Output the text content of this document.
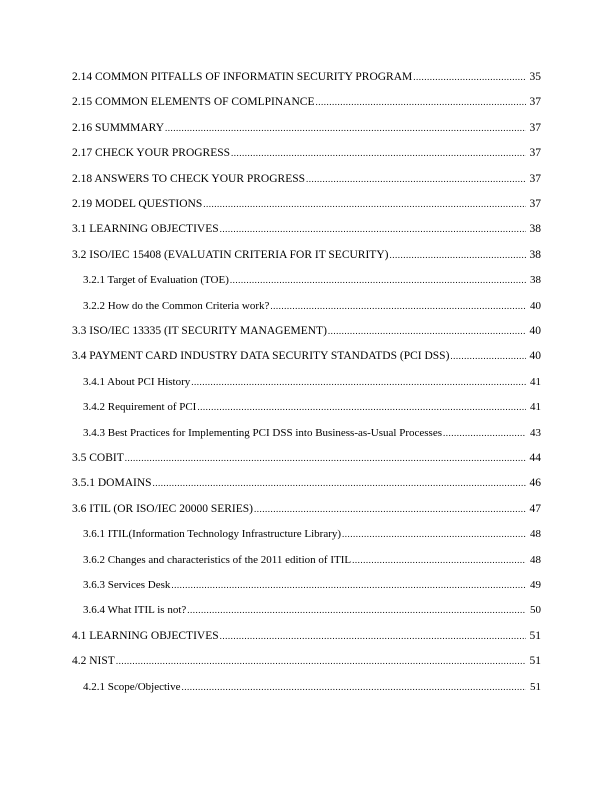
2.14 COMMON PITFALLS OF INFORMATIN SECURITY PROGRAM .....	35
2.15 COMMON ELEMENTS OF COMLPINANCE .....	37
2.16 SUMMMARY .....	37
2.17 CHECK YOUR PROGRESS .....	37
2.18 ANSWERS TO CHECK YOUR PROGRESS .....	37
2.19 MODEL QUESTIONS .....	37
3.1 LEARNING OBJECTIVES .....	38
3.2 ISO/IEC 15408 (EVALUATIN CRITERIA FOR IT SECURITY) .....	38
3.2.1 Target of Evaluation (TOE) .....	38
3.2.2 How do the Common Criteria work? .....	40
3.3 ISO/IEC 13335 (IT SECURITY MANAGEMENT) .....	40
3.4 PAYMENT CARD INDUSTRY DATA SECURITY STANDATDS (PCI DSS) .....	40
3.4.1 About PCI History .....	41
3.4.2 Requirement of PCI .....	41
3.4.3 Best Practices for Implementing PCI DSS into Business-as-Usual Processes .....	43
3.5 COBIT .....	44
3.5.1 DOMAINS .....	46
3.6 ITIL (OR ISO/IEC 20000 SERIES) .....	47
3.6.1 ITIL(Information Technology Infrastructure Library) .....	48
3.6.2 Changes and characteristics of the 2011 edition of ITIL .....	48
3.6.3 Services Desk .....	49
3.6.4 What ITIL is not? .....	50
4.1 LEARNING OBJECTIVES .....	51
4.2 NIST .....	51
4.2.1 Scope/Objective .....	51
